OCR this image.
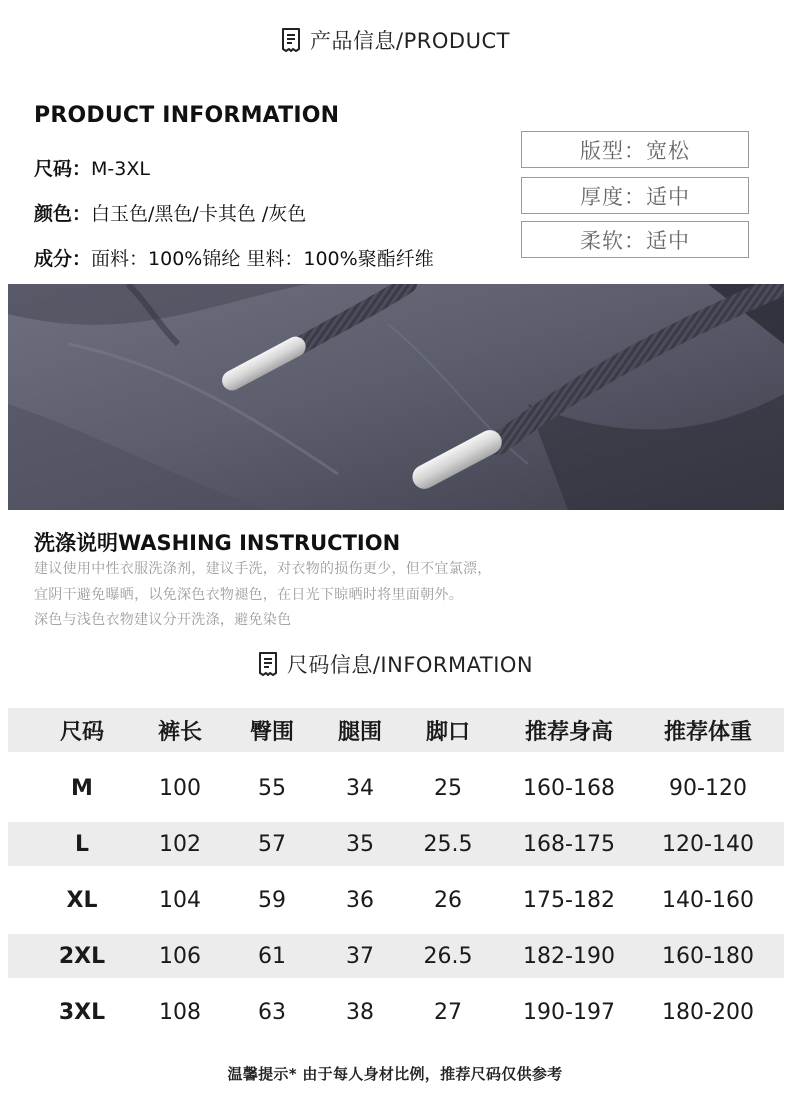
产品信息/PRODUCT
PRODUCT INFORMATION
尺码：M-3XL
颜色：白玉色/黑色/卡其色 /灰色
成分：面料：100%锦纶 里料：100%聚酯纤维
版型：宽松
厚度：适中
柔软：适中
洗涤说明WASHING INSTRUCTION
建议使用中性衣服洗涤剂，建议手洗，对衣物的损伤更少，但不宜氯漂，
宜阴干避免曝晒，以免深色衣物褪色，在日光下晾晒时将里面朝外。
深色与浅色衣物建议分开洗涤，避免染色
尺码信息/INFORMATION
尺码	裤长	臀围	腿围	脚口	推荐身高	推荐体重
M	100	55	34	25	160-168	90-120
L	102	57	35	25.5	168-175	120-140
XL	104	59	36	26	175-182	140-160
2XL	106	61	37	26.5	182-190	160-180
3XL	108	63	38	27	190-197	180-200
温馨提示* 由于每人身材比例，推荐尺码仅供参考
